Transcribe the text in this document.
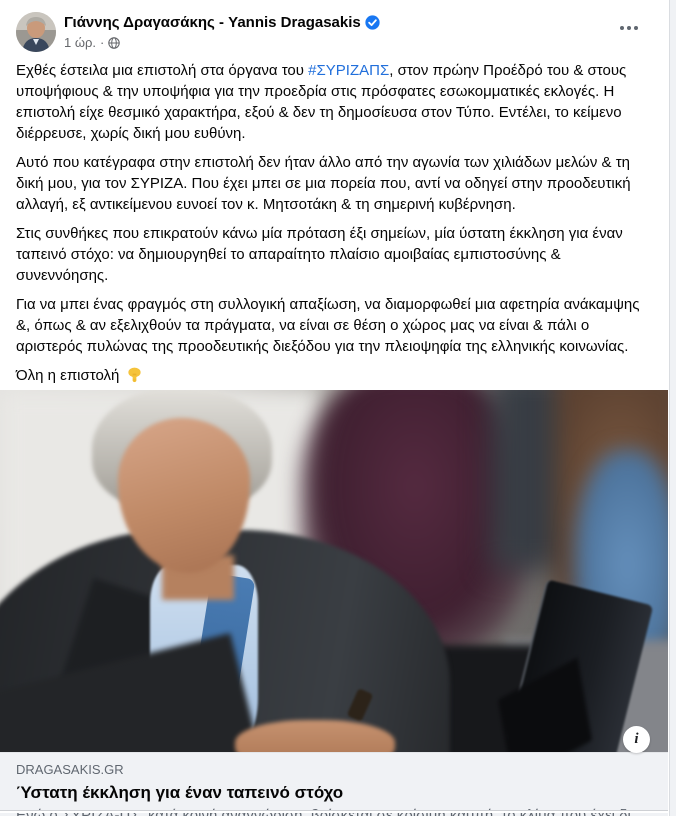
Γιάννης Δραγασάκης - Yannis Dragasakis
1 ώρ. ·

Εχθές έστειλα μια επιστολή στα όργανα του #ΣΥΡΙΖΑΠΣ, στον πρώην Προέδρό του & στους υποψήφιους & την υποψήφια για την προεδρία στις πρόσφατες εσωκομματικές εκλογές. Η επιστολή είχε θεσμικό χαρακτήρα, εξού & δεν τη δημοσίευσα στον Τύπο. Εντέλει, το κείμενο διέρρευσε, χωρίς δική μου ευθύνη.

Αυτό που κατέγραφα στην επιστολή δεν ήταν άλλο από την αγωνία των χιλιάδων μελών & τη δική μου, για τον ΣΥΡΙΖΑ. Που έχει μπει σε μια πορεία που, αντί να οδηγεί στην προοδευτική αλλαγή, εξ αντικείμενου ευνοεί τον κ. Μητσοτάκη & τη σημερινή κυβέρνηση.

Στις συνθήκες που επικρατούν κάνω μία πρόταση έξι σημείων, μία ύστατη έκκληση για έναν ταπεινό στόχο: να δημιουργηθεί το απαραίτητο πλαίσιο αμοιβαίας εμπιστοσύνης & συνεννόησης.

Για να μπει ένας φραγμός στη συλλογική απαξίωση, να διαμορφωθεί μια αφετηρία ανάκαμψης &, όπως & αν εξελιχθούν τα πράγματα, να είναι σε θέση ο χώρος μας να είναι & πάλι ο αριστερός πυλώνας της προοδευτικής διεξόδου για την πλειοψηφία της ελληνικής κοινωνίας.

Όλη η επιστολή

i
DRAGASAKIS.GR
Ύστατη έκκληση για έναν ταπεινό στόχο
